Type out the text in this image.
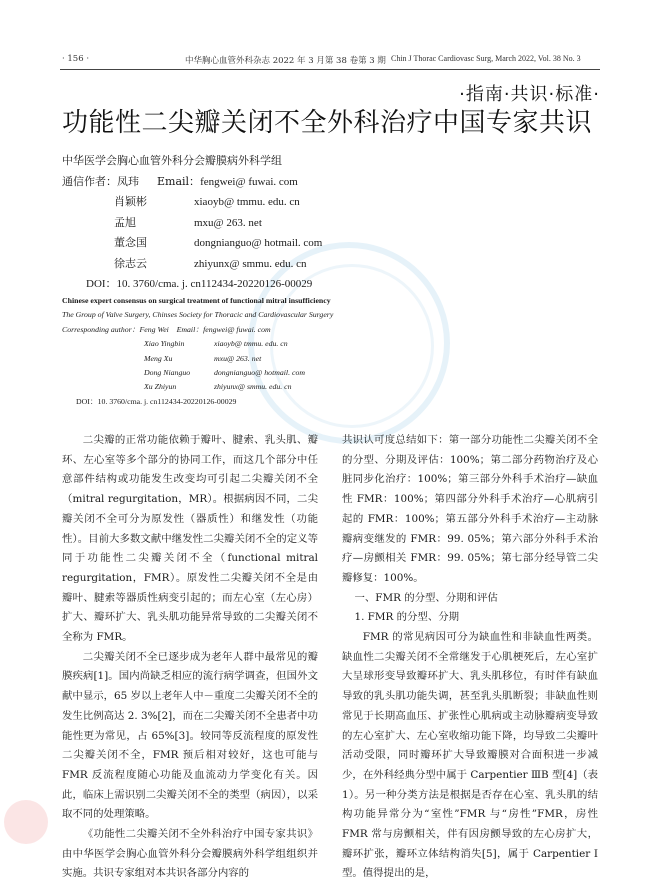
· 156 ·	中华胸心血管外科杂志 2022 年 3 月第 38 卷第 3 期 Chin J Thorac Cardiovasc Surg, March 2022, Vol. 38 No. 3
·指南·共识·标准·
功能性二尖瓣关闭不全外科治疗中国专家共识
中华医学会胸心血管外科分会瓣膜病外科学组
通信作者：凤玮 Email：fengwei@ fuwai. com
肖颖彬	xiaoyb@ tmmu. edu. cn
孟旭	mxu@ 263. net
董念国	dongnianguo@ hotmail. com
徐志云	zhiyunx@ smmu. edu. cn
DOI：10. 3760/cma. j. cn112434-20220126-00029
Chinese expert consensus on surgical treatment of functional mitral insufficiency
The Group of Valve Surgery, Chinses Society for Thoracic and Cardiovascular Surgery
Corresponding author：Feng Wei　Email：fengwei@ fuwai. com
Xiao Yingbin	xiaoyb@ tmmu. edu. cn
Meng Xu	mxu@ 263. net
Dong Nianguo	dongnianguo@ hotmail. com
Xu Zhiyun	zhiyunx@ smmu. edu. cn
DOI：10. 3760/cma. j. cn112434-20220126-00029

二尖瓣的正常功能依赖于瓣叶、腱索、乳头肌、瓣环、左心室等多个部分的协同工作，而这几个部分中任意部件结构或功能发生改变均可引起二尖瓣关闭不全（mitral regurgitation，MR）。根据病因不同，二尖瓣关闭不全可分为原发性（器质性）和继发性（功能性）。目前大多数文献中继发性二尖瓣关闭不全的定义等同于功能性二尖瓣关闭不全（functional mitral regurgitation，FMR）。原发性二尖瓣关闭不全是由瓣叶、腱索等器质性病变引起的；而左心室（左心房）扩大、瓣环扩大、乳头肌功能异常导致的二尖瓣关闭不全称为 FMR。

二尖瓣关闭不全已逐步成为老年人群中最常见的瓣膜疾病[1]。国内尚缺乏相应的流行病学调查，但国外文献中显示，65 岁以上老年人中－重度二尖瓣关闭不全的发生比例高达 2. 3%[2]，而在二尖瓣关闭不全患者中功能性更为常见，占 65%[3]。较同等反流程度的原发性二尖瓣关闭不全，FMR 预后相对较好，这也可能与 FMR 反流程度随心功能及血流动力学变化有关。因此，临床上需识别二尖瓣关闭不全的类型（病因），以采取不同的处理策略。

《功能性二尖瓣关闭不全外科治疗中国专家共识》由中华医学会胸心血管外科分会瓣膜病外科学组组织并实施。共识专家组对本共识各部分内容的

共识认可度总结如下：第一部分功能性二尖瓣关闭不全的分型、分期及评估：100%；第二部分药物治疗及心脏同步化治疗：100%；第三部分外科手术治疗—缺血性 FMR：100%；第四部分外科手术治疗—心肌病引起的 FMR：100%；第五部分外科手术治疗—主动脉瓣病变继发的 FMR：99. 05%；第六部分外科手术治疗—房颤相关 FMR：99. 05%；第七部分经导管二尖瓣修复：100%。

一、FMR 的分型、分期和评估

1. FMR 的分型、分期

FMR 的常见病因可分为缺血性和非缺血性两类。缺血性二尖瓣关闭不全常继发于心肌梗死后，左心室扩大呈球形变导致瓣环扩大、乳头肌移位，有时伴有缺血导致的乳头肌功能失调，甚至乳头肌断裂；非缺血性则常见于长期高血压、扩张性心肌病或主动脉瓣病变导致的左心室扩大、左心室收缩功能下降，均导致二尖瓣叶活动受限，同时瓣环扩大导致瓣膜对合面积进一步减少，在外科经典分型中属于 Carpentier ⅢB 型[4]（表 1）。另一种分类方法是根据是否存在心室、乳头肌的结构功能异常分为“室性”FMR 与“房性”FMR，房性 FMR 常与房颤相关，伴有因房颤导致的左心房扩大，瓣环扩张，瓣环立体结构消失[5]，属于 Carpentier Ⅰ型。值得提出的是，
